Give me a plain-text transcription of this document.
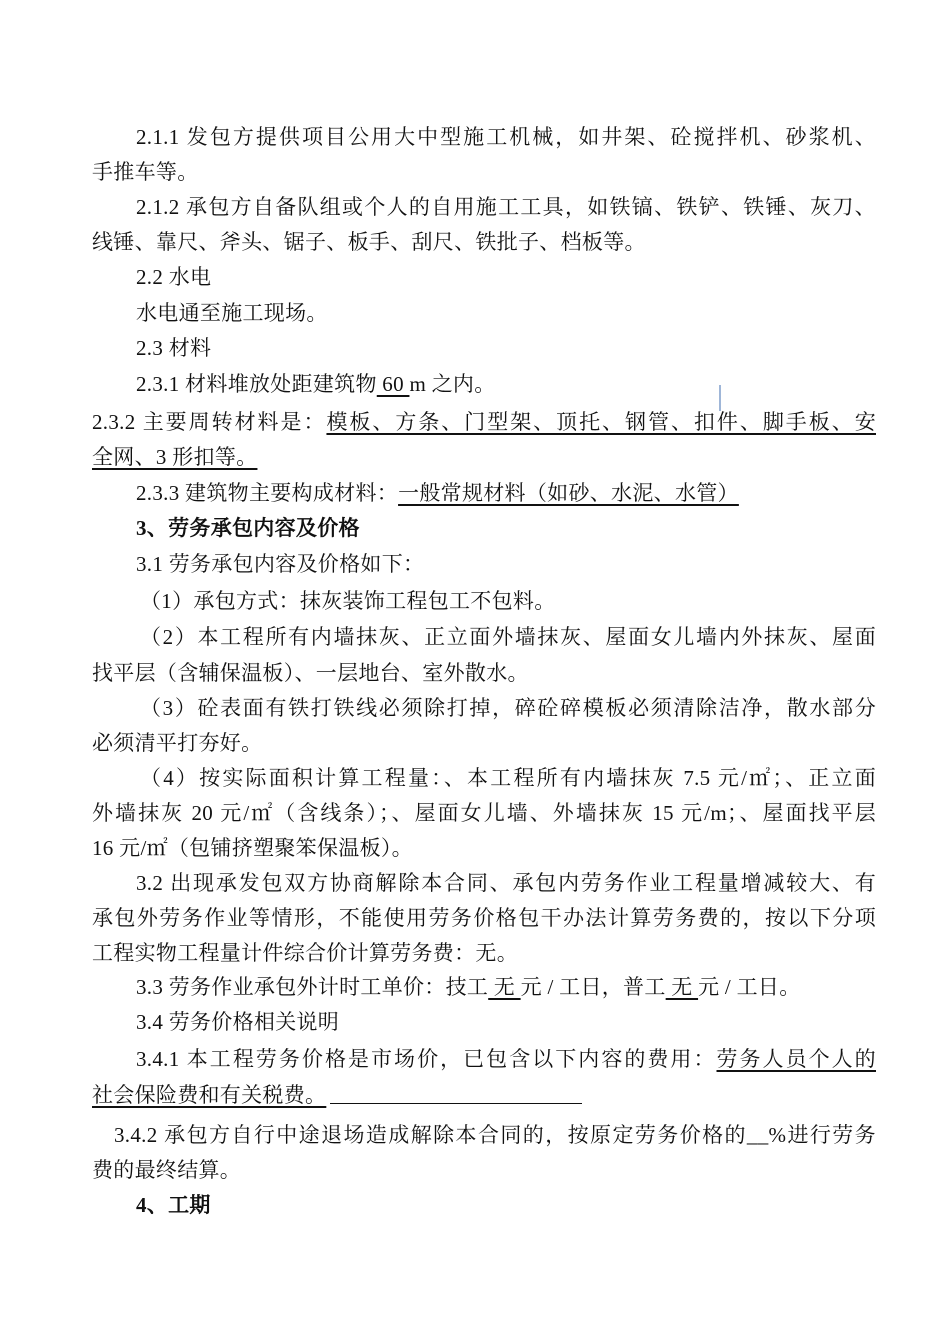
2.1.1 发包方提供项目公用大中型施工机械，如井架、砼搅拌机、砂浆机、
手推车等。
2.1.2 承包方自备队组或个人的自用施工工具，如铁镐、铁铲、铁锤、灰刀、
线锤、靠尺、斧头、锯子、板手、刮尺、铁批子、档板等。
2.2 水电
水电通至施工现场。
2.3 材料
2.3.1 材料堆放处距建筑物 60 m 之内。
2.3.2 主要周转材料是：模板、方条、门型架、顶托、钢管、扣件、脚手板、安
全网、3 形扣等。
2.3.3 建筑物主要构成材料：一般常规材料（如砂、水泥、水管）
3、劳务承包内容及价格
3.1 劳务承包内容及价格如下：
（1）承包方式：抹灰装饰工程包工不包料。
（2）本工程所有内墙抹灰、正立面外墙抹灰、屋面女儿墙内外抹灰、屋面
找平层（含辅保温板）、一层地台、室外散水。
（3）砼表面有铁打铁线必须除打掉，碎砼碎模板必须清除洁净，散水部分
必须清平打夯好。
（4）按实际面积计算工程量：、本工程所有内墙抹灰 7.5 元/㎡；、正立面
外墙抹灰 20 元/㎡（含线条）；、屋面女儿墙、外墙抹灰 15 元/m；、屋面找平层
16 元/㎡（包铺挤塑聚笨保温板）。
3.2 出现承发包双方协商解除本合同、承包内劳务作业工程量增减较大、有
承包外劳务作业等情形，不能使用劳务价格包干办法计算劳务费的，按以下分项
工程实物工程量计件综合价计算劳务费：无。
3.3 劳务作业承包外计时工单价：技工 无 元 / 工日，普工 无 元 / 工日。
3.4 劳务价格相关说明
3.4.1 本工程劳务价格是市场价，已包含以下内容的费用：劳务人员个人的
社会保险费和有关税费。
3.4.2 承包方自行中途退场造成解除本合同的，按原定劳务价格的__%进行劳务
费的最终结算。
4、工期
